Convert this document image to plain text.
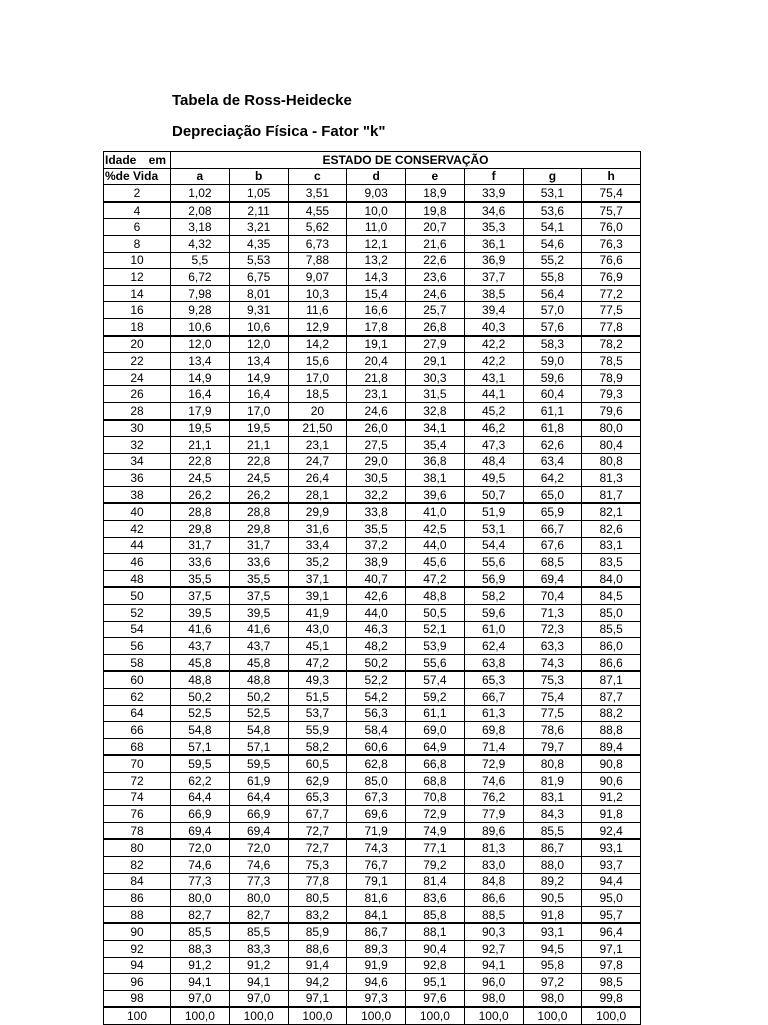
Tabela de Ross-Heidecke
Depreciação Física - Fator "k"
Idade em	ESTADO DE CONSERVAÇÃO							
%de Vida	a	b	c	d	e	f	g	h
2	1,02	1,05	3,51	9,03	18,9	33,9	53,1	75,4
4	2,08	2,11	4,55	10,0	19,8	34,6	53,6	75,7
6	3,18	3,21	5,62	11,0	20,7	35,3	54,1	76,0
8	4,32	4,35	6,73	12,1	21,6	36,1	54,6	76,3
10	5,5	5,53	7,88	13,2	22,6	36,9	55,2	76,6
12	6,72	6,75	9,07	14,3	23,6	37,7	55,8	76,9
14	7,98	8,01	10,3	15,4	24,6	38,5	56,4	77,2
16	9,28	9,31	11,6	16,6	25,7	39,4	57,0	77,5
18	10,6	10,6	12,9	17,8	26,8	40,3	57,6	77,8
20	12,0	12,0	14,2	19,1	27,9	42,2	58,3	78,2
22	13,4	13,4	15,6	20,4	29,1	42,2	59,0	78,5
24	14,9	14,9	17,0	21,8	30,3	43,1	59,6	78,9
26	16,4	16,4	18,5	23,1	31,5	44,1	60,4	79,3
28	17,9	17,0	20	24,6	32,8	45,2	61,1	79,6
30	19,5	19,5	21,50	26,0	34,1	46,2	61,8	80,0
32	21,1	21,1	23,1	27,5	35,4	47,3	62,6	80,4
34	22,8	22,8	24,7	29,0	36,8	48,4	63,4	80,8
36	24,5	24,5	26,4	30,5	38,1	49,5	64,2	81,3
38	26,2	26,2	28,1	32,2	39,6	50,7	65,0	81,7
40	28,8	28,8	29,9	33,8	41,0	51,9	65,9	82,1
42	29,8	29,8	31,6	35,5	42,5	53,1	66,7	82,6
44	31,7	31,7	33,4	37,2	44,0	54,4	67,6	83,1
46	33,6	33,6	35,2	38,9	45,6	55,6	68,5	83,5
48	35,5	35,5	37,1	40,7	47,2	56,9	69,4	84,0
50	37,5	37,5	39,1	42,6	48,8	58,2	70,4	84,5
52	39,5	39,5	41,9	44,0	50,5	59,6	71,3	85,0
54	41,6	41,6	43,0	46,3	52,1	61,0	72,3	85,5
56	43,7	43,7	45,1	48,2	53,9	62,4	63,3	86,0
58	45,8	45,8	47,2	50,2	55,6	63,8	74,3	86,6
60	48,8	48,8	49,3	52,2	57,4	65,3	75,3	87,1
62	50,2	50,2	51,5	54,2	59,2	66,7	75,4	87,7
64	52,5	52,5	53,7	56,3	61,1	61,3	77,5	88,2
66	54,8	54,8	55,9	58,4	69,0	69,8	78,6	88,8
68	57,1	57,1	58,2	60,6	64,9	71,4	79,7	89,4
70	59,5	59,5	60,5	62,8	66,8	72,9	80,8	90,8
72	62,2	61,9	62,9	85,0	68,8	74,6	81,9	90,6
74	64,4	64,4	65,3	67,3	70,8	76,2	83,1	91,2
76	66,9	66,9	67,7	69,6	72,9	77,9	84,3	91,8
78	69,4	69,4	72,7	71,9	74,9	89,6	85,5	92,4
80	72,0	72,0	72,7	74,3	77,1	81,3	86,7	93,1
82	74,6	74,6	75,3	76,7	79,2	83,0	88,0	93,7
84	77,3	77,3	77,8	79,1	81,4	84,8	89,2	94,4
86	80,0	80,0	80,5	81,6	83,6	86,6	90,5	95,0
88	82,7	82,7	83,2	84,1	85,8	88,5	91,8	95,7
90	85,5	85,5	85,9	86,7	88,1	90,3	93,1	96,4
92	88,3	83,3	88,6	89,3	90,4	92,7	94,5	97,1
94	91,2	91,2	91,4	91,9	92,8	94,1	95,8	97,8
96	94,1	94,1	94,2	94,6	95,1	96,0	97,2	98,5
98	97,0	97,0	97,1	97,3	97,6	98,0	98,0	99,8
100	100,0	100,0	100,0	100,0	100,0	100,0	100,0	100,0
